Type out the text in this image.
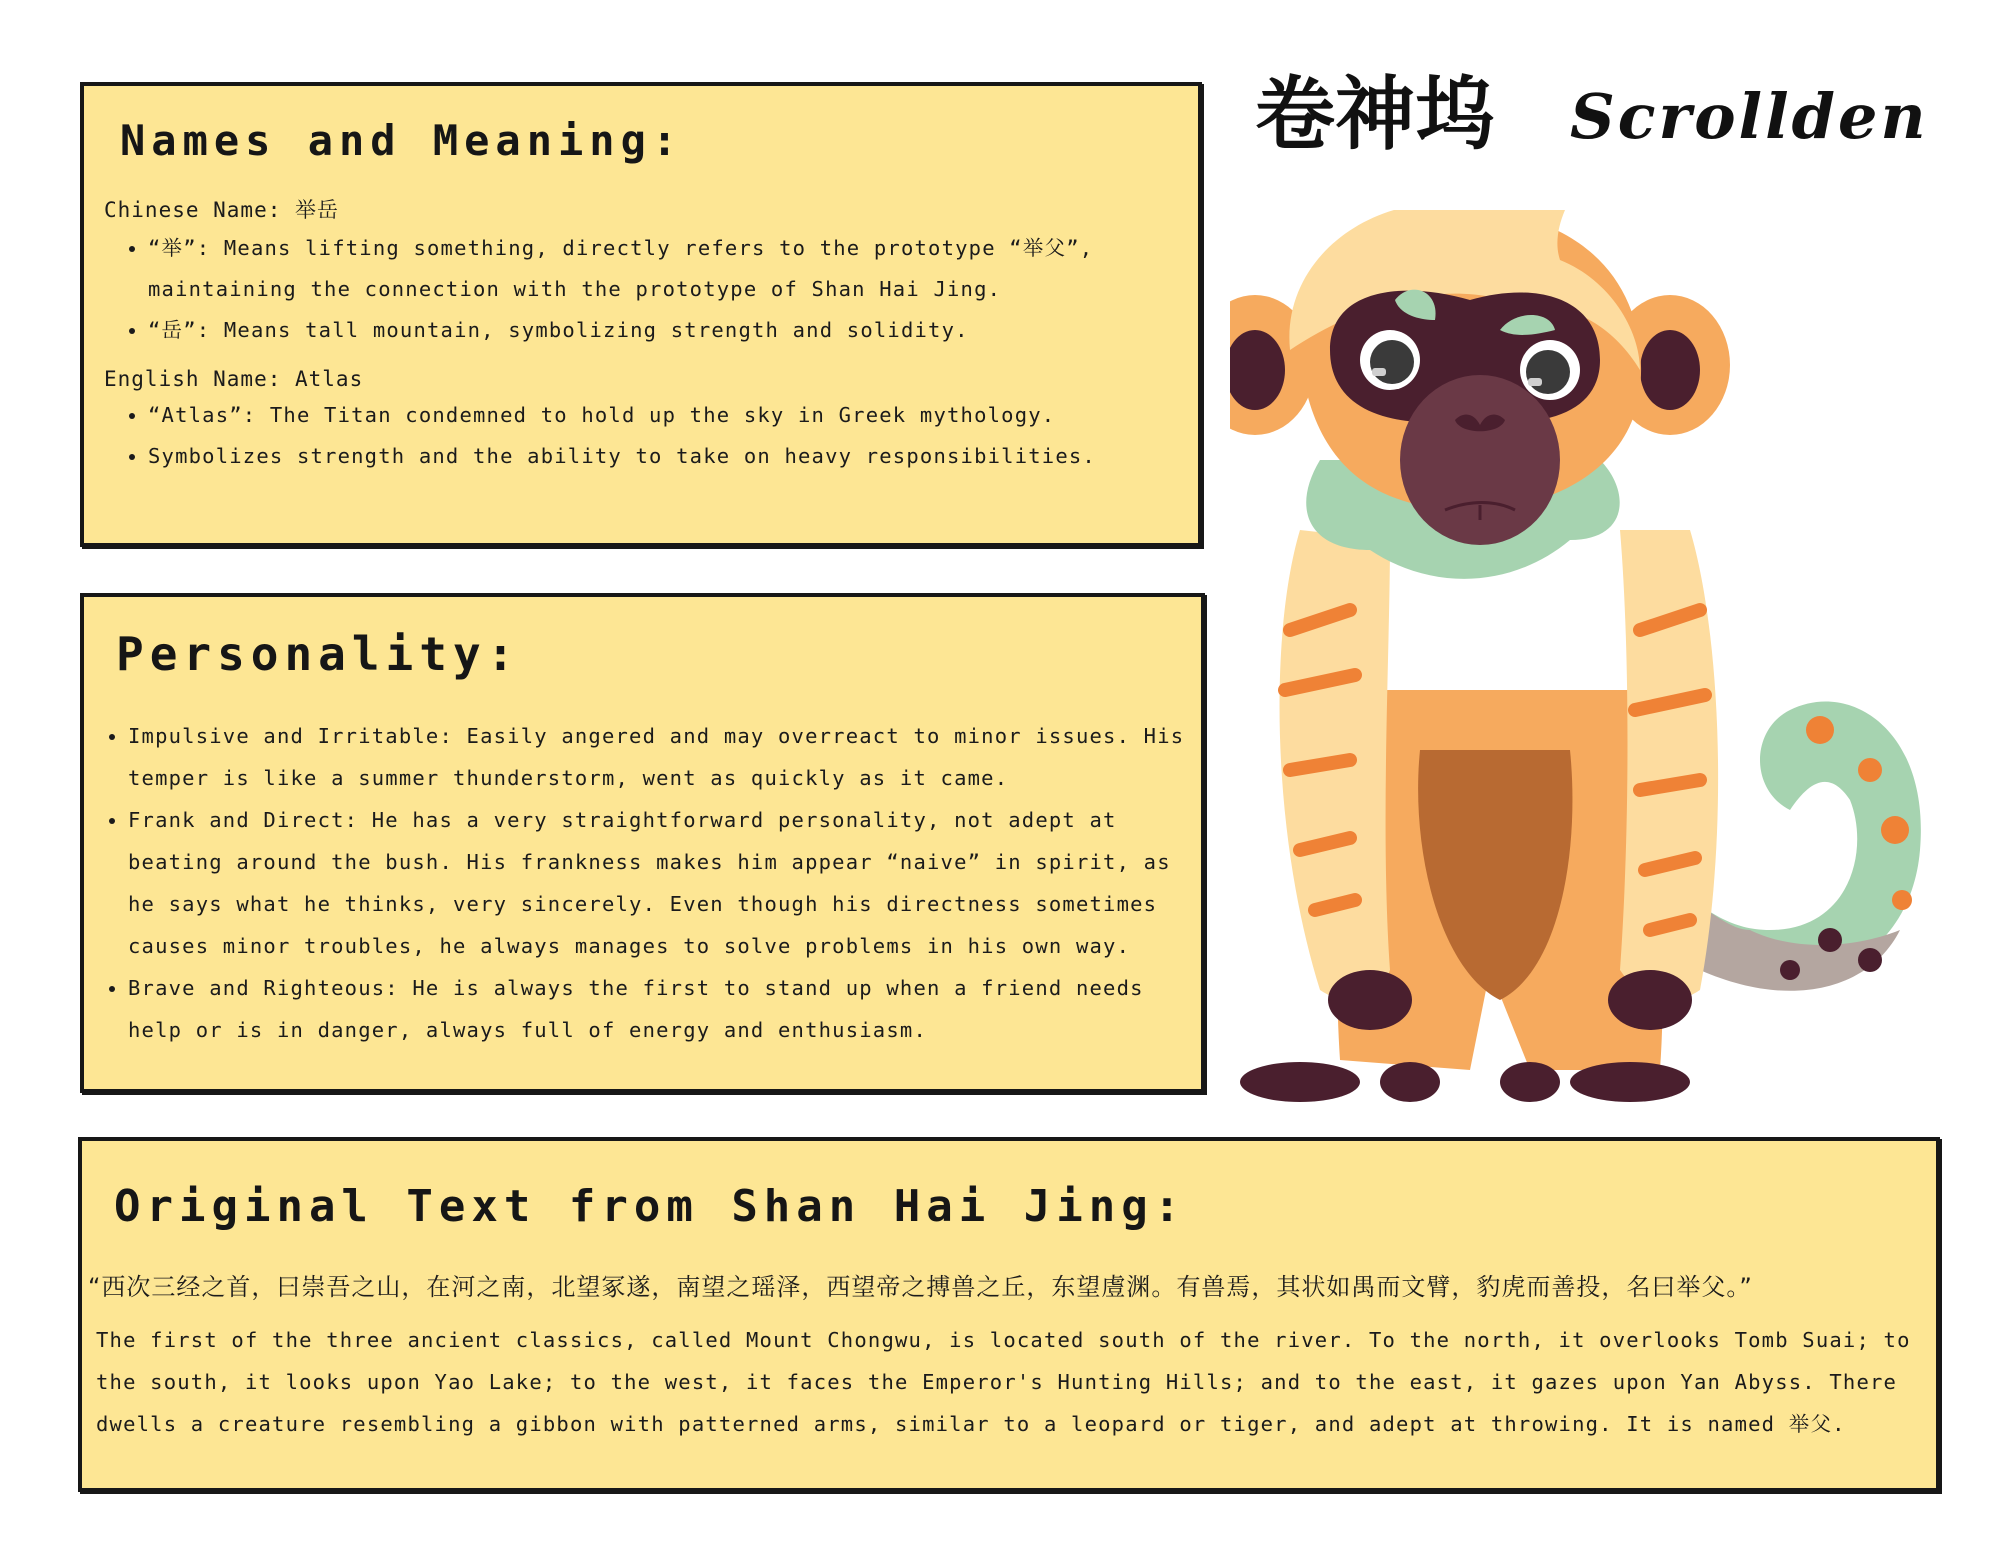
卷神坞 Scrollden
Names and Meaning:

Chinese Name: 举岳

• “举”: Means lifting something, directly refers to the prototype “举父”, maintaining the connection with the prototype of Shan Hai Jing.
• “岳”: Means tall mountain, symbolizing strength and solidity.

English Name: Atlas

• “Atlas”: The Titan condemned to hold up the sky in Greek mythology.
• Symbolizes strength and the ability to take on heavy responsibilities.
Personality:
• Impulsive and Irritable: Easily angered and may overreact to minor issues. His temper is like a summer thunderstorm, went as quickly as it came.
• Frank and Direct: He has a very straightforward personality, not adept at beating around the bush. His frankness makes him appear “naive” in spirit, as he says what he thinks, very sincerely. Even though his directness sometimes causes minor troubles, he always manages to solve problems in his own way.
• Brave and Righteous: He is always the first to stand up when a friend needs help or is in danger, always full of energy and enthusiasm.
Original Text from Shan Hai Jing:
“西次三经之首，曰崇吾之山，在河之南，北望冢遂，南望之瑶泽，西望帝之搏兽之丘，东望䖒渊。有兽焉，其状如禺而文臂，豹虎而善投，名曰举父。”

The first of the three ancient classics, called Mount Chongwu, is located south of the river. To the north, it overlooks Tomb Suai; to the south, it looks upon Yao Lake; to the west, it faces the Emperor's Hunting Hills; and to the east, it gazes upon Yan Abyss. There dwells a creature resembling a gibbon with patterned arms, similar to a leopard or tiger, and adept at throwing. It is named 举父.
